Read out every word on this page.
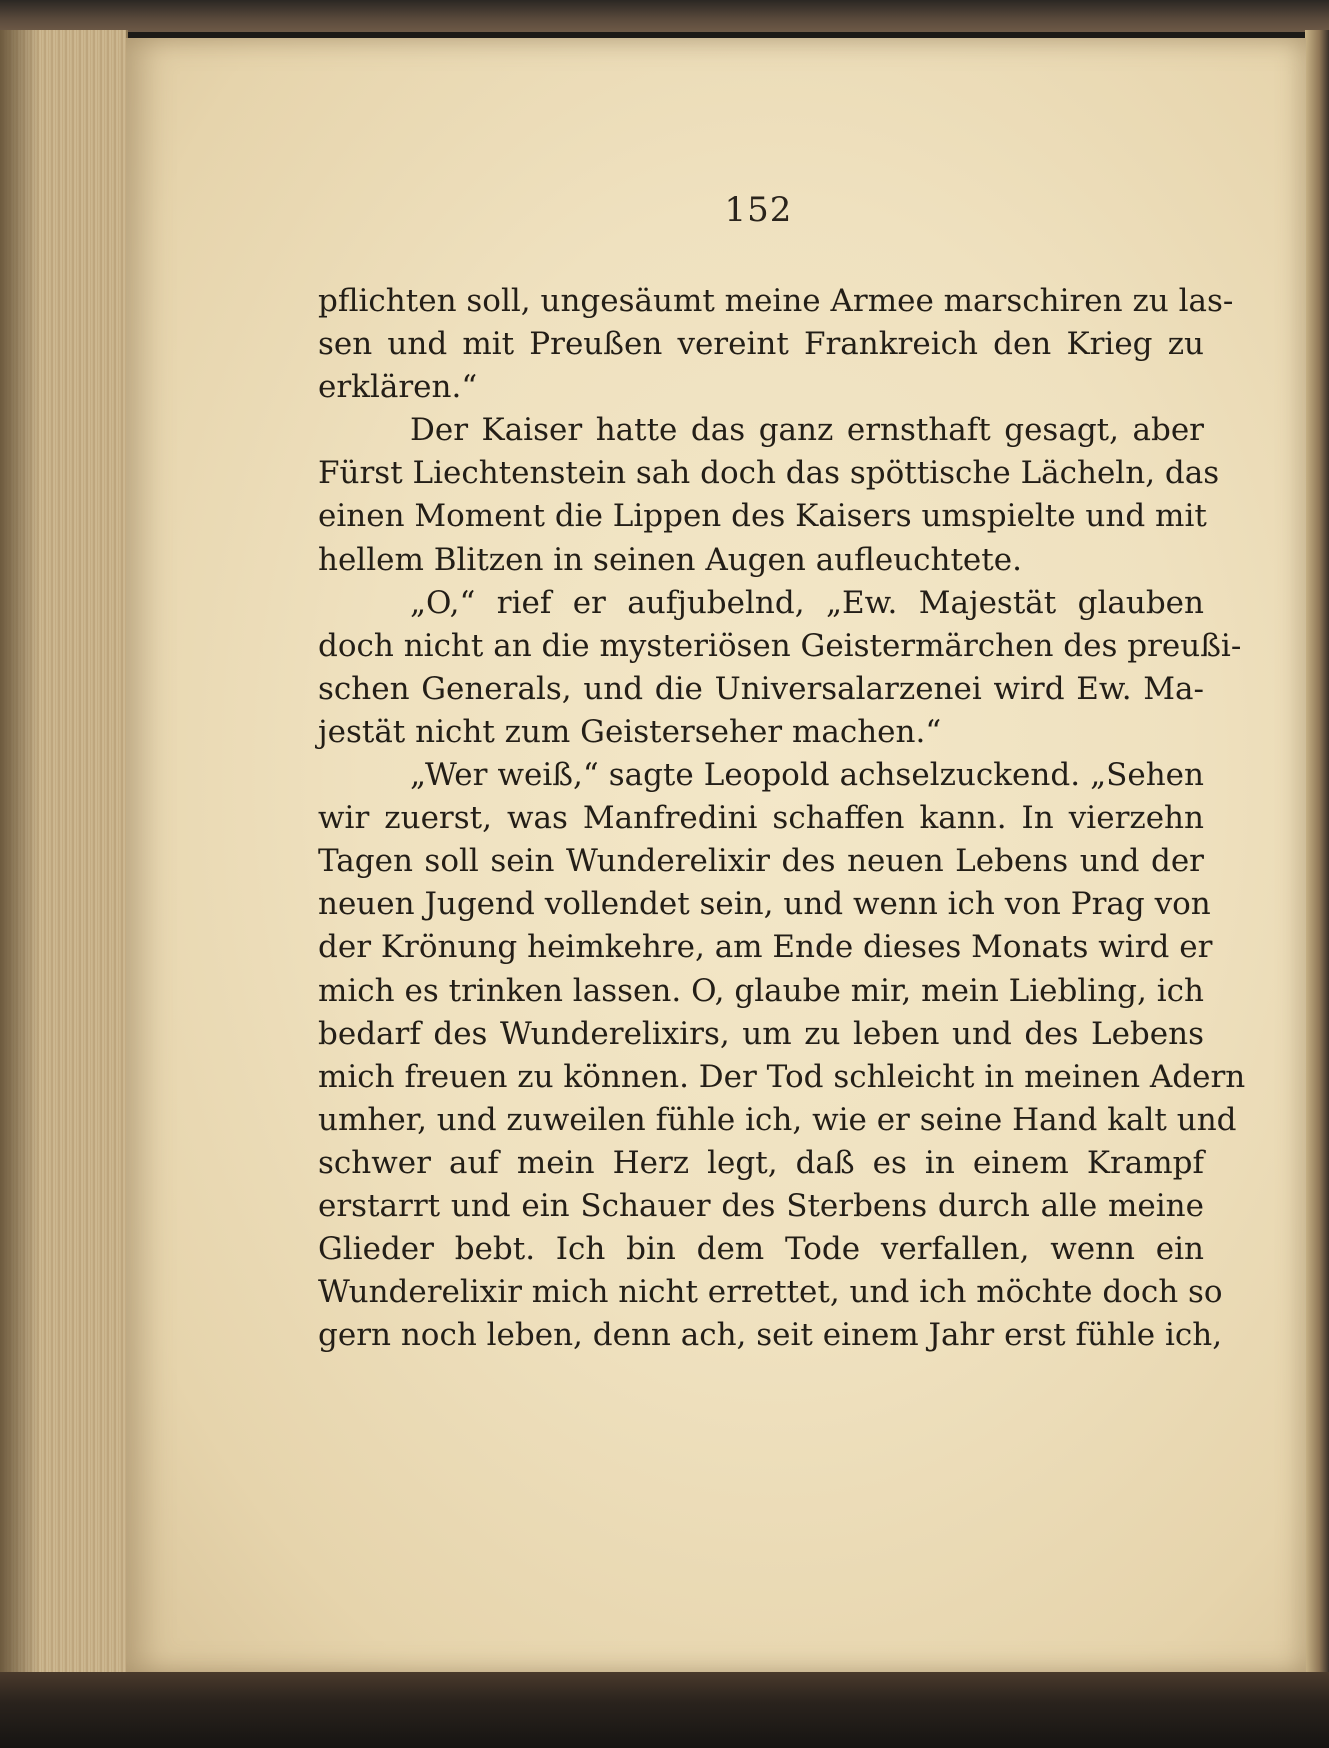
152
pflichten soll, ungesäumt meine Armee marschiren zu las-
sen und mit Preußen vereint Frankreich den Krieg zu
erklären.“
Der Kaiser hatte das ganz ernsthaft gesagt, aber
Fürst Liechtenstein sah doch das spöttische Lächeln, das
einen Moment die Lippen des Kaisers umspielte und mit
hellem Blitzen in seinen Augen aufleuchtete.
„O,“ rief er aufjubelnd, „Ew. Majestät glauben
doch nicht an die mysteriösen Geistermärchen des preußi-
schen Generals, und die Universalarzenei wird Ew. Ma-
jestät nicht zum Geisterseher machen.“
„Wer weiß,“ sagte Leopold achselzuckend. „Sehen
wir zuerst, was Manfredini schaffen kann. In vierzehn
Tagen soll sein Wunderelixir des neuen Lebens und der
neuen Jugend vollendet sein, und wenn ich von Prag von
der Krönung heimkehre, am Ende dieses Monats wird er
mich es trinken lassen. O, glaube mir, mein Liebling, ich
bedarf des Wunderelixirs, um zu leben und des Lebens
mich freuen zu können. Der Tod schleicht in meinen Adern
umher, und zuweilen fühle ich, wie er seine Hand kalt und
schwer auf mein Herz legt, daß es in einem Krampf
erstarrt und ein Schauer des Sterbens durch alle meine
Glieder bebt. Ich bin dem Tode verfallen, wenn ein
Wunderelixir mich nicht errettet, und ich möchte doch so
gern noch leben, denn ach, seit einem Jahr erst fühle ich,
